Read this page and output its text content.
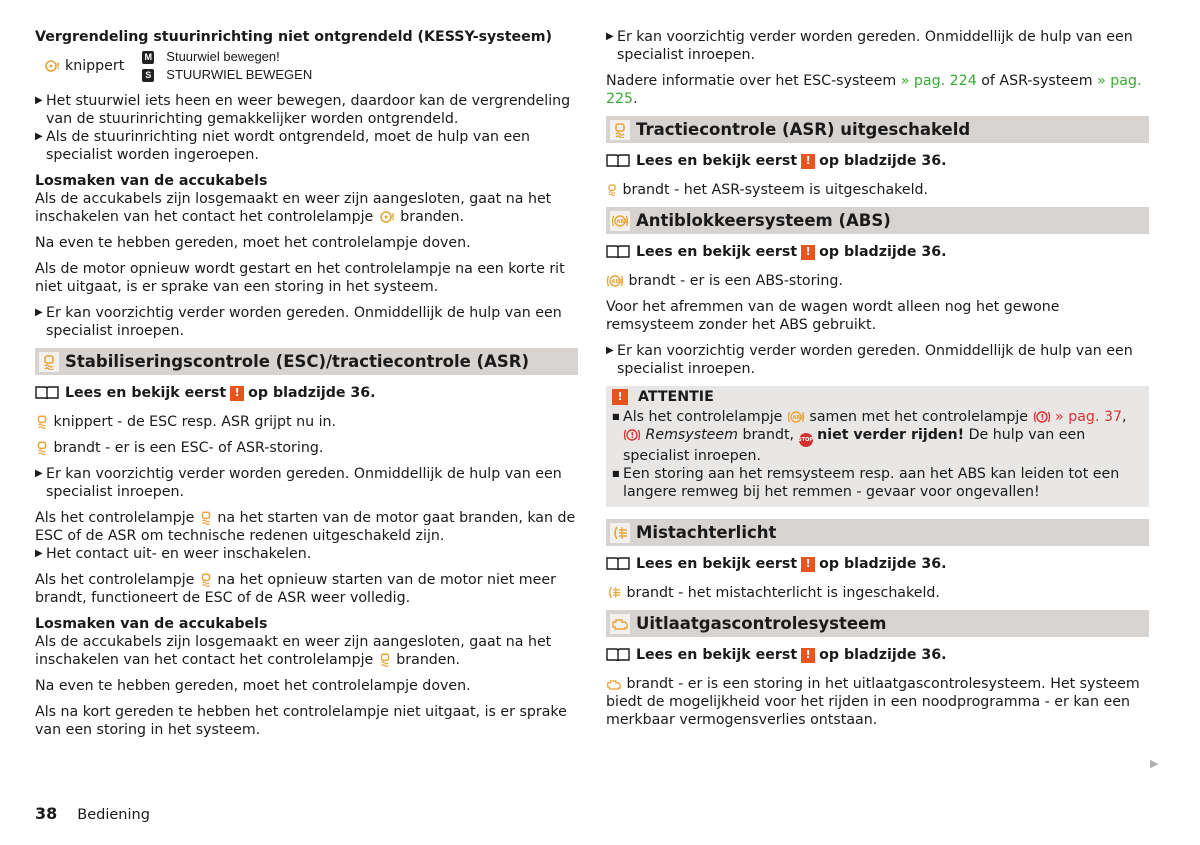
Vergrendeling stuurinrichting niet ontgrendeld (KESSY-systeem)

! knippert
M Stuurwiel bewegen!
S STUURWIEL BEWEGEN
▶ Het stuurwiel iets heen en weer bewegen, daardoor kan de vergrendeling van de stuurinrichting gemakkelijker worden ontgrendeld.
▶ Als de stuurinrichting niet wordt ontgrendeld, moet de hulp van een specialist worden ingeroepen.

Losmaken van de accukabels

Als de accukabels zijn losgemaakt en weer zijn aangesloten, gaat na het inschakelen van het contact het controlelampje ! branden.

Na even te hebben gereden, moet het controlelampje doven.

Als de motor opnieuw wordt gestart en het controlelampje na een korte rit niet uitgaat, is er sprake van een storing in het systeem.

▶ Er kan voorzichtig verder worden gereden. Onmiddellijk de hulp van een specialist inroepen.
Stabiliseringscontrole (ESC)/tractiecontrole (ASR)
Lees en bekijk eerst ! op bladzijde 36.

knippert - de ESC resp. ASR grijpt nu in.

brandt - er is een ESC- of ASR-storing.

▶ Er kan voorzichtig verder worden gereden. Onmiddellijk de hulp van een specialist inroepen.

Als het controlelampje na het starten van de motor gaat branden, kan de ESC of de ASR om technische redenen uitgeschakeld zijn.

▶ Het contact uit- en weer inschakelen.

Als het controlelampje na het opnieuw starten van de motor niet meer brandt, functioneert de ESC of de ASR weer volledig.

Losmaken van de accukabels

Als de accukabels zijn losgemaakt en weer zijn aangesloten, gaat na het inschakelen van het contact het controlelampje branden.

Na even te hebben gereden, moet het controlelampje doven.

Als na kort gereden te hebben het controlelampje niet uitgaat, is er sprake van een storing in het systeem.

▶ Er kan voorzichtig verder worden gereden. Onmiddellijk de hulp van een specialist inroepen.

Nadere informatie over het ESC-systeem » pag. 224 of ASR-systeem » pag. 225.

Tractiecontrole (ASR) uitgeschakeld
Lees en bekijk eerst ! op bladzijde 36.

brandt - het ASR-systeem is uitgeschakeld.

ABS Antiblokkeersysteem (ABS)
Lees en bekijk eerst ! op bladzijde 36.

ABS brandt - er is een ABS-storing.

Voor het afremmen van de wagen wordt alleen nog het gewone remsysteem zonder het ABS gebruikt.

▶ Er kan voorzichtig verder worden gereden. Onmiddellijk de hulp van een specialist inroepen.
!	ATTENTIE
■ Als het controlelampje ABS samen met het controlelampje ! » pag. 37,
! Remsysteem brandt, STOP niet verder rijden! De hulp van een specialist inroepen.
■ Een storing aan het remsysteem resp. aan het ABS kan leiden tot een langere remweg bij het remmen - gevaar voor ongevallen!
Mistachterlicht
Lees en bekijk eerst ! op bladzijde 36.

brandt - het mistachterlicht is ingeschakeld.

Uitlaatgascontrolesysteem
Lees en bekijk eerst ! op bladzijde 36.

brandt - er is een storing in het uitlaatgascontrolesysteem. Het systeem biedt de mogelijkheid voor het rijden in een noodprogramma - er kan een merkbaar vermogensverlies ontstaan.

▶
38 Bediening
